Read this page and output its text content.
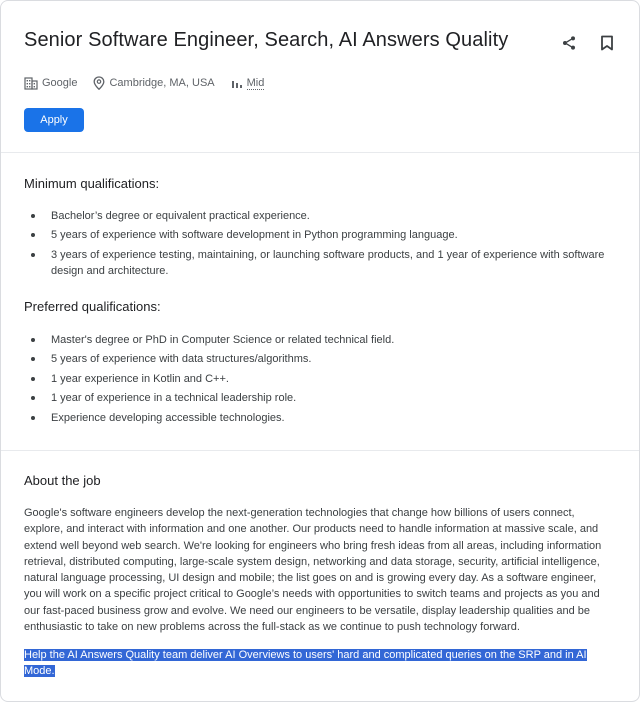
Senior Software Engineer, Search, AI Answers Quality
Google	Cambridge, MA, USA	Mid
Apply
Minimum qualifications:
Bachelor’s degree or equivalent practical experience.
5 years of experience with software development in Python programming language.
3 years of experience testing, maintaining, or launching software products, and 1 year of experience with software design and architecture.
Preferred qualifications:
Master's degree or PhD in Computer Science or related technical field.
5 years of experience with data structures/algorithms.
1 year experience in Kotlin and C++.
1 year of experience in a technical leadership role.
Experience developing accessible technologies.
About the job

Google's software engineers develop the next-generation technologies that change how billions of users connect, explore, and interact with information and one another. Our products need to handle information at massive scale, and extend well beyond web search. We're looking for engineers who bring fresh ideas from all areas, including information retrieval, distributed computing, large-scale system design, networking and data storage, security, artificial intelligence, natural language processing, UI design and mobile; the list goes on and is growing every day. As a software engineer, you will work on a specific project critical to Google’s needs with opportunities to switch teams and projects as you and our fast-paced business grow and evolve. We need our engineers to be versatile, display leadership qualities and be enthusiastic to take on new problems across the full-stack as we continue to push technology forward.

Help the AI Answers Quality team deliver AI Overviews to users' hard and complicated queries on the SRP and in AI Mode.
